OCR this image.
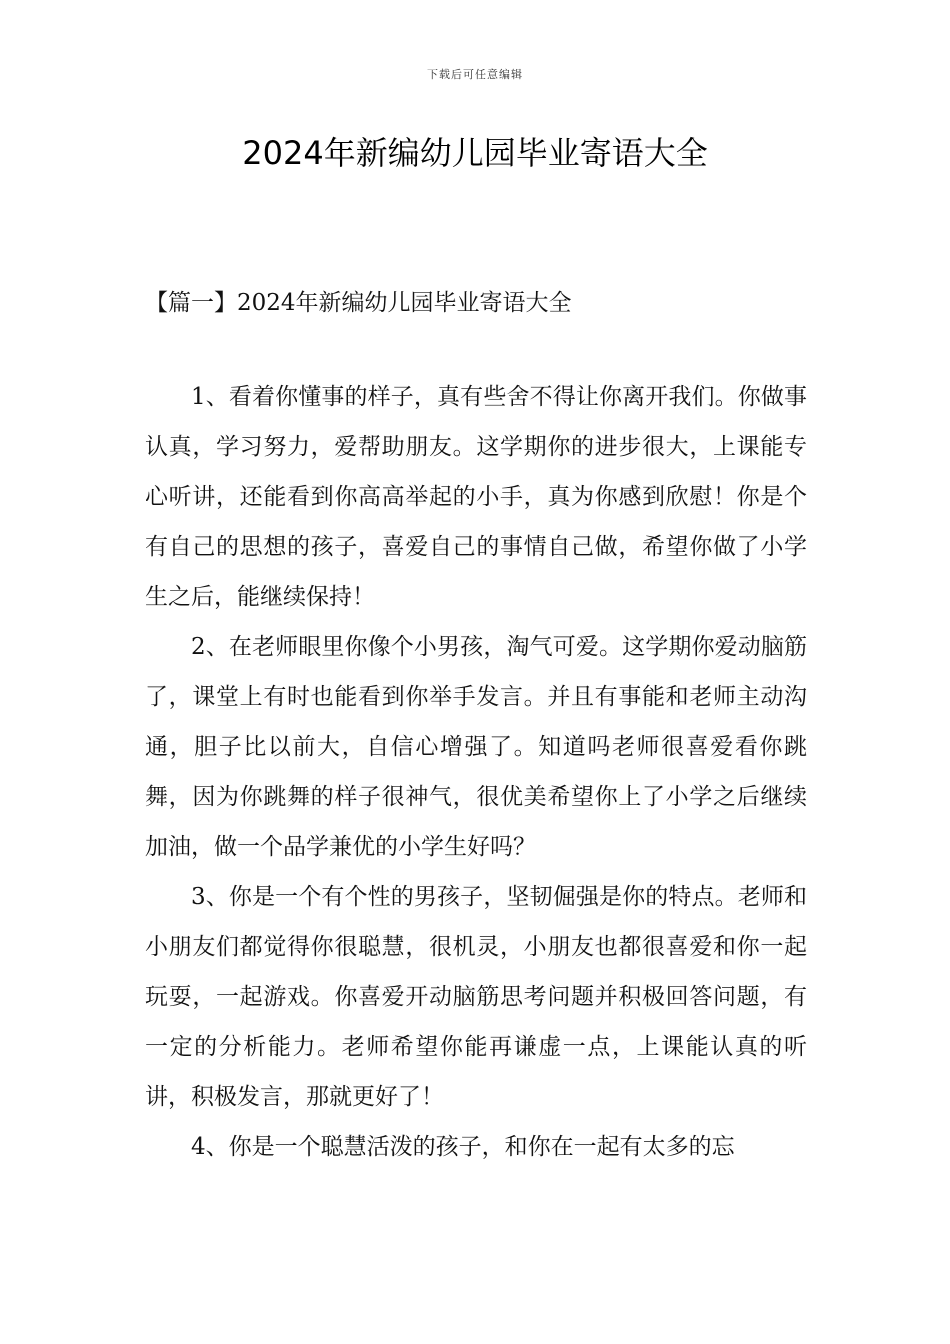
下载后可任意编辑
2024年新编幼儿园毕业寄语大全
【篇一】2024年新编幼儿园毕业寄语大全

1、看着你懂事的样子，真有些舍不得让你离开我们。你做事认真，学习努力，爱帮助朋友。这学期你的进步很大，上课能专心听讲，还能看到你高高举起的小手，真为你感到欣慰！你是个有自己的思想的孩子，喜爱自己的事情自己做，希望你做了小学生之后，能继续保持！

2、在老师眼里你像个小男孩，淘气可爱。这学期你爱动脑筋了，课堂上有时也能看到你举手发言。并且有事能和老师主动沟通，胆子比以前大，自信心增强了。知道吗老师很喜爱看你跳舞，因为你跳舞的样子很神气，很优美希望你上了小学之后继续加油，做一个品学兼优的小学生好吗？

3、你是一个有个性的男孩子，坚韧倔强是你的特点。老师和小朋友们都觉得你很聪慧，很机灵，小朋友也都很喜爱和你一起玩耍，一起游戏。你喜爱开动脑筋思考问题并积极回答问题，有一定的分析能力。老师希望你能再谦虚一点，上课能认真的听讲，积极发言，那就更好了！

4、你是一个聪慧活泼的孩子，和你在一起有太多的忘
